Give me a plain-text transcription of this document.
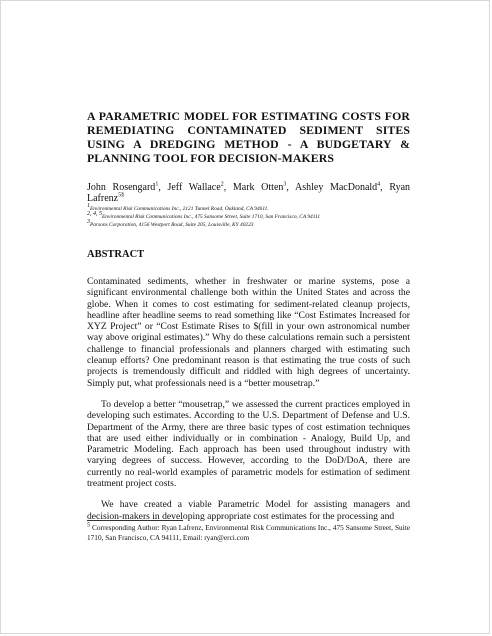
A PARAMETRIC MODEL FOR ESTIMATING COSTS FOR REMEDIATING CONTAMINATED SEDIMENT SITES USING A DREDGING METHOD - A BUDGETARY & PLANNING TOOL FOR DECISION-MAKERS
John Rosengard$^1$, Jeff Wallace$^2$, Mark Otten$^3$, Ashley MacDonald$^4$, Ryan Lafrenz$^{5\S}$
$^1$Environmental Risk Communications Inc., 2121 Tunnel Road, Oakland, CA 94611.
$^{2, 4, 5}$Environmental Risk Communications Inc., 475 Sansome Street, Suite 1710, San Francisco, CA 94111
$^3$Parsons Corporation, 4156 Westport Road, Suite 205, Louisville, KY 40223
ABSTRACT

Contaminated sediments, whether in freshwater or marine systems, pose a significant environmental challenge both within the United States and across the globe. When it comes to cost estimating for sediment-related cleanup projects, headline after headline seems to read something like “Cost Estimates Increased for XYZ Project” or “Cost Estimate Rises to $(fill in your own astronomical number way above original estimates).” Why do these calculations remain such a persistent challenge to financial professionals and planners charged with estimating such cleanup efforts? One predominant reason is that estimating the true costs of such projects is tremendously difficult and riddled with high degrees of uncertainty. Simply put, what professionals need is a “better mousetrap.”

To develop a better “mousetrap,” we assessed the current practices employed in developing such estimates. According to the U.S. Department of Defense and U.S. Department of the Army, there are three basic types of cost estimation techniques that are used either individually or in combination - Analogy, Build Up, and Parametric Modeling. Each approach has been used throughout industry with varying degrees of success. However, according to the DoD/DoA, there are currently no real-world examples of parametric models for estimation of sediment treatment project costs.

We have created a viable Parametric Model for assisting managers and decision-makers in developing appropriate cost estimates for the processing and

$^5$ Corresponding Author: Ryan Lafrenz, Environmental Risk Communications Inc., 475 Sansome Street, Suite 1710, San Francisco, CA 94111, Email: ryan@erci.com
